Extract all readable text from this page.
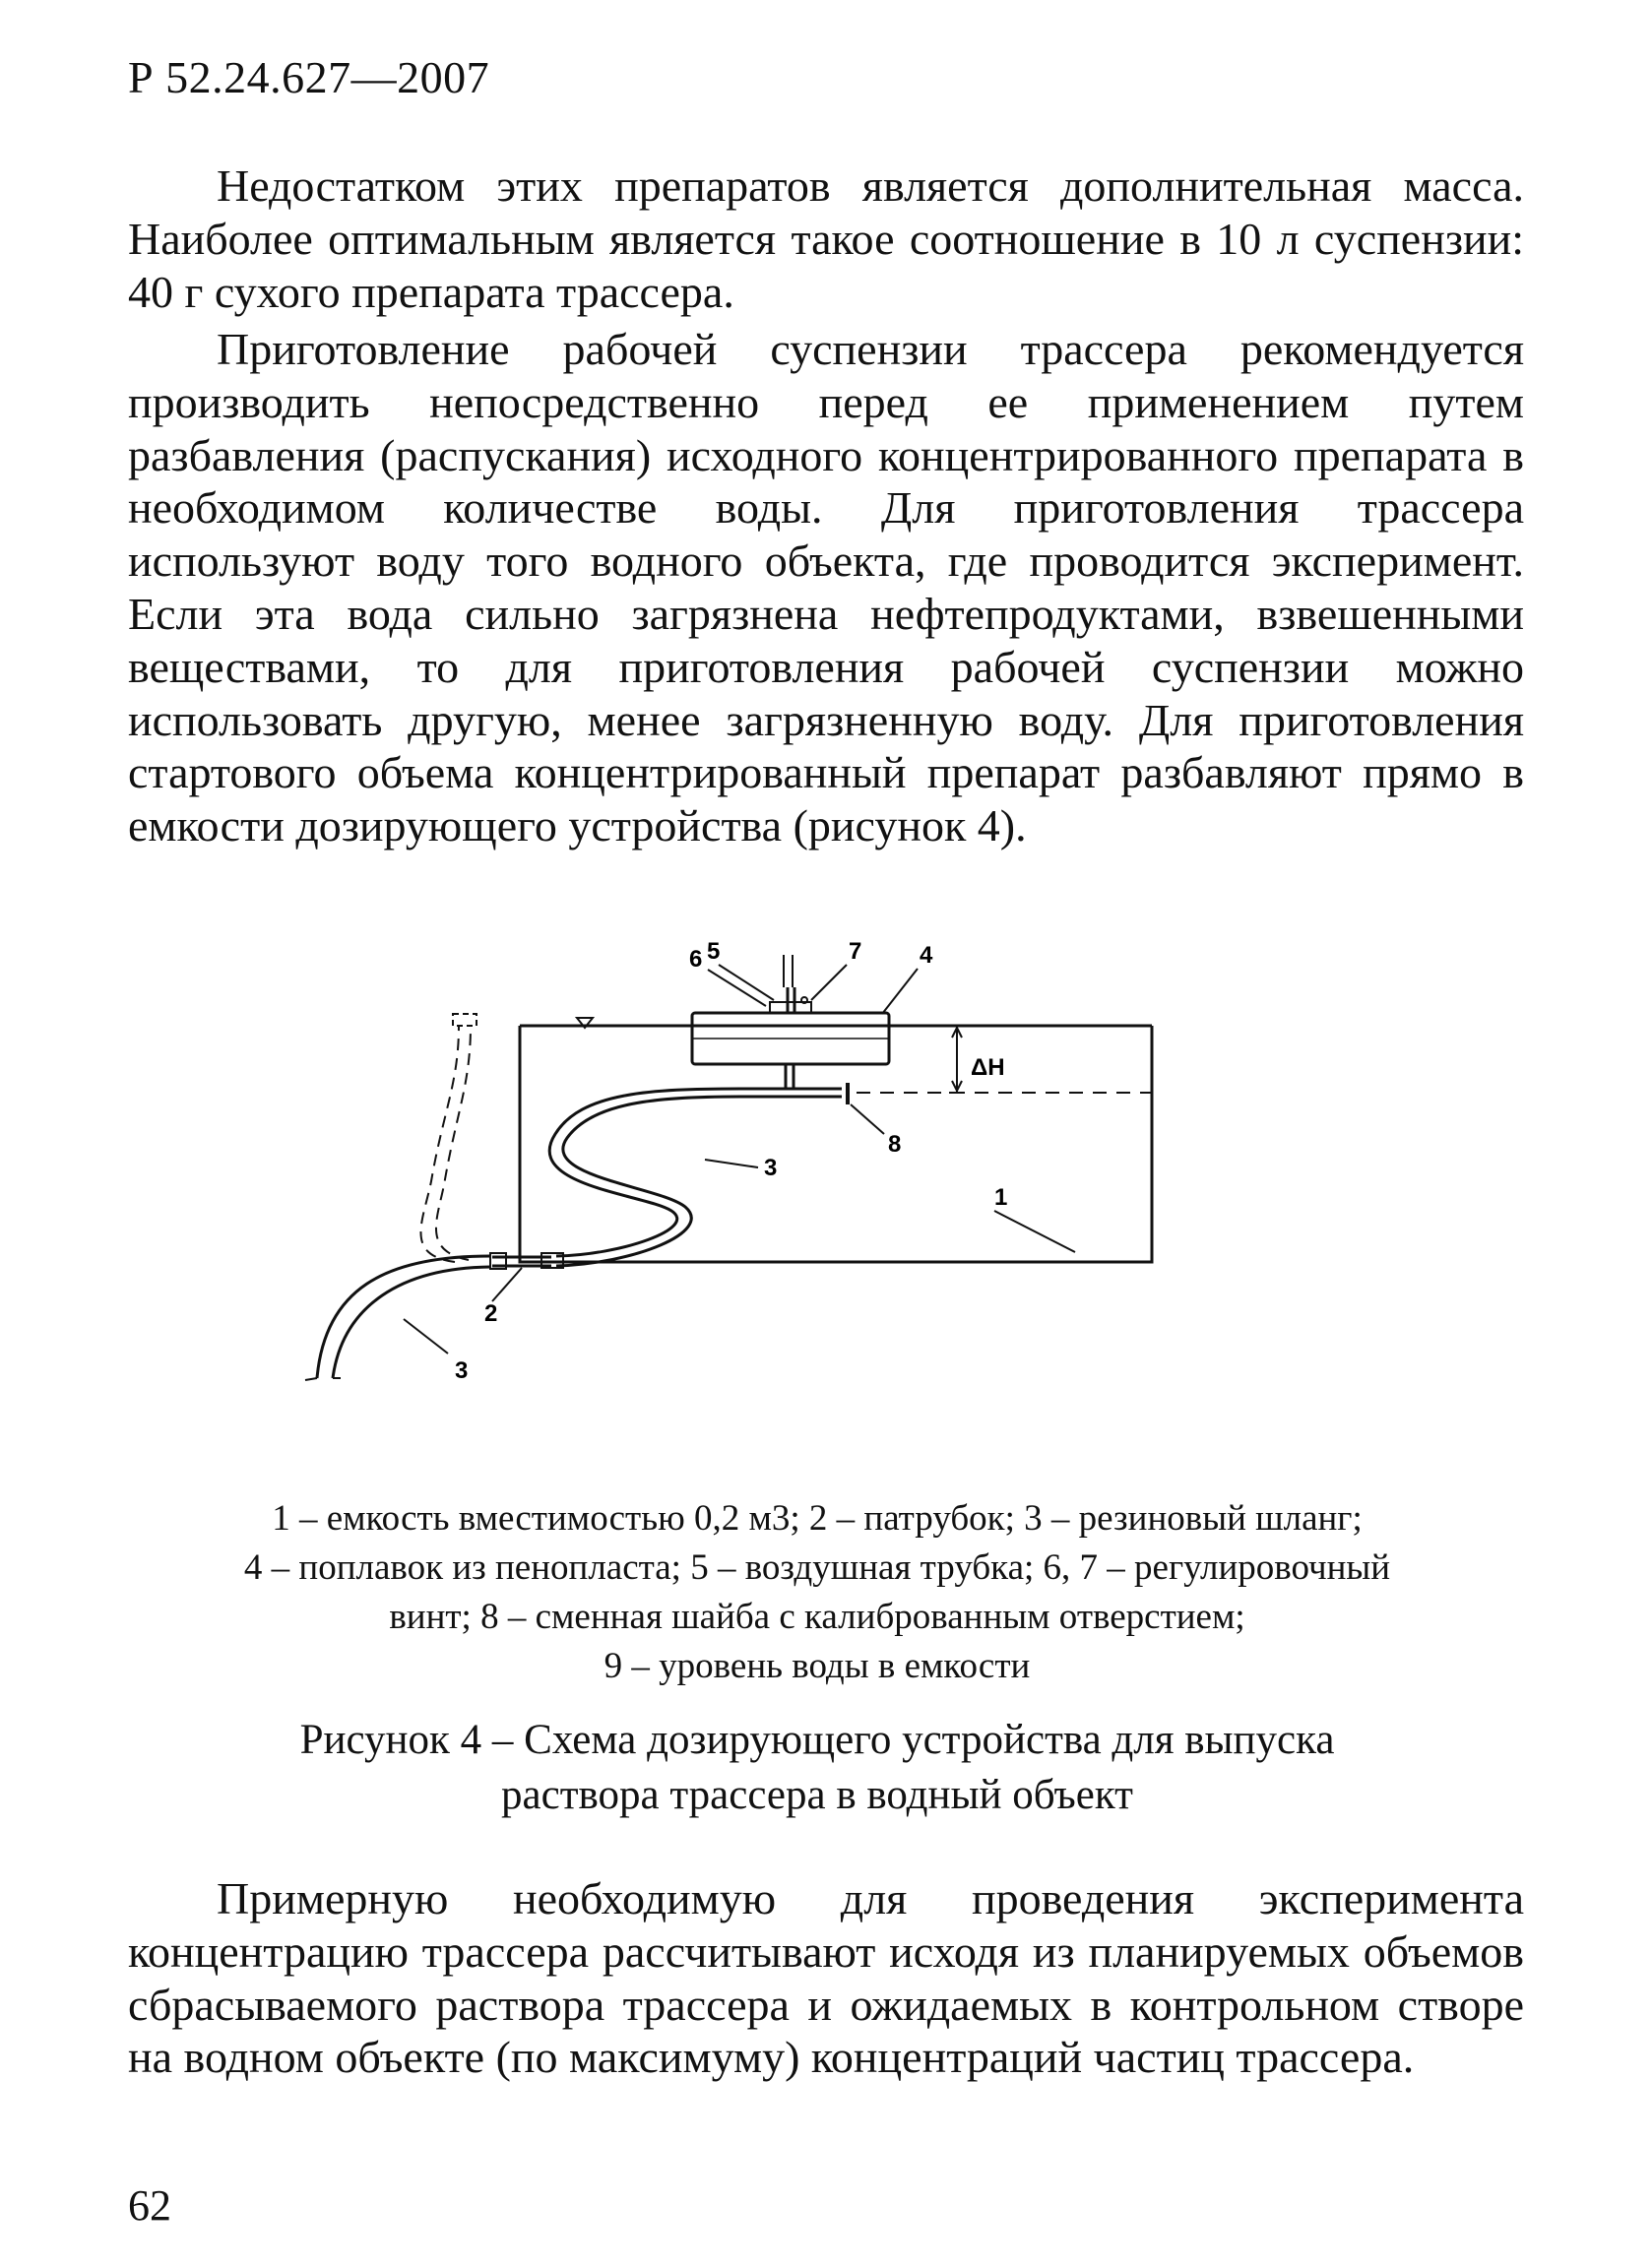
Р 52.24.627—2007

Недостатком этих препаратов является дополнительная масса. Наиболее оптимальным является такое соотношение в 10 л суспензии: 40 г сухого препарата трассера.

Приготовление рабочей суспензии трассера рекомендуется производить непосредственно перед ее применением путем разбавления (распускания) исходного концентрированного препарата в необходимом количестве воды. Для приготовления трассера используют воду того водного объекта, где проводится эксперимент. Если эта вода сильно загрязнена нефтепродуктами, взвешенными веществами, то для приготовления рабочей суспензии можно использовать другую, менее загрязненную воду. Для приготовления стартового объема концентрированный препарат разбавляют прямо в емкости дозирующего устройства (рисунок 4).

6 5	7 4
ΔH
8
3
1
2
3
1 – емкость вместимостью 0,2 м3; 2 – патрубок; 3 – резиновый шланг;
4 – поплавок из пенопласта; 5 – воздушная трубка; 6, 7 – регулировочный
винт; 8 – сменная шайба с калиброванным отверстием;
9 – уровень воды в емкости
Рисунок 4 – Схема дозирующего устройства для выпуска
раствора трассера в водный объект

Примерную необходимую для проведения эксперимента концентрацию трассера рассчитывают исходя из планируемых объемов сбрасываемого раствора трассера и ожидаемых в контрольном створе на водном объекте (по максимуму) концентраций частиц трассера.

62
